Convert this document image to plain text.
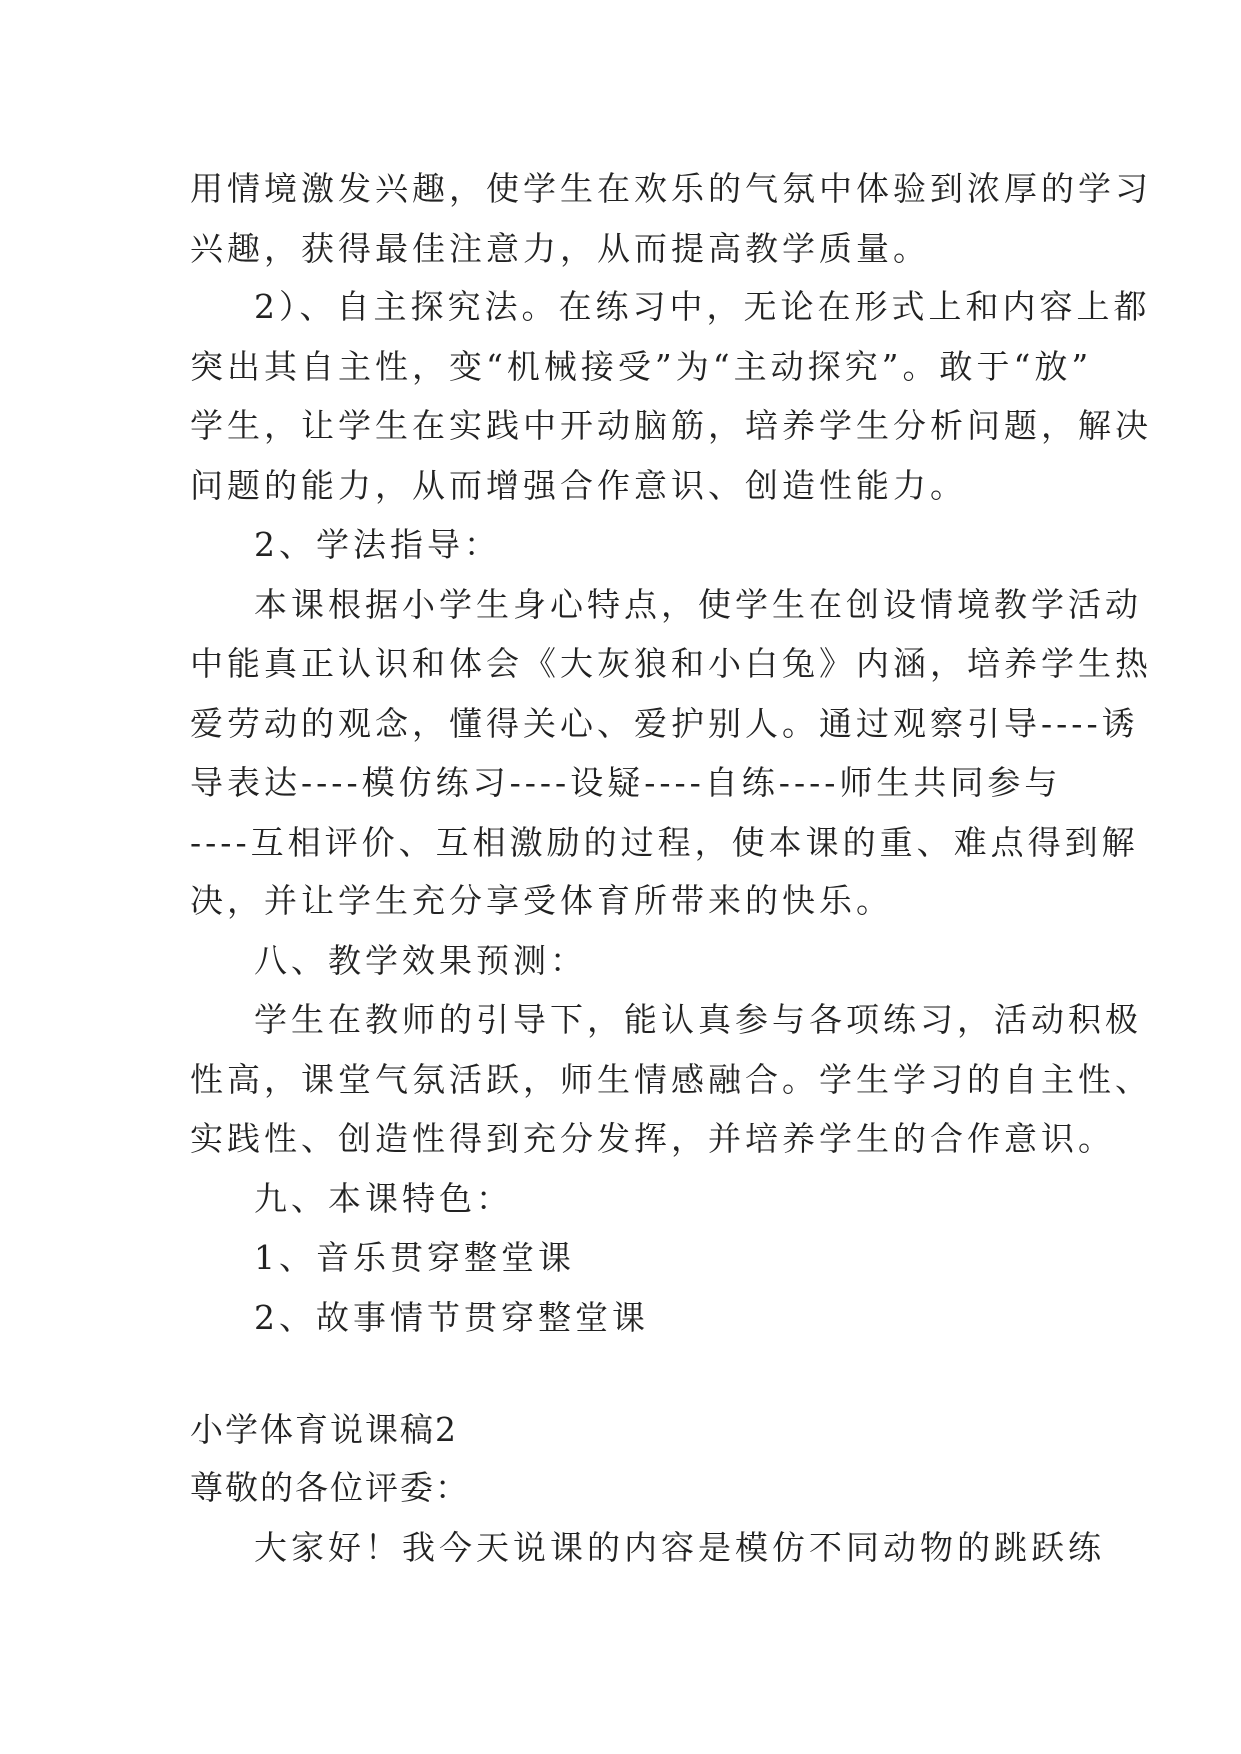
用情境激发兴趣，使学生在欢乐的气氛中体验到浓厚的学习
兴趣，获得最佳注意力，从而提高教学质量。
2）、自主探究法。在练习中，无论在形式上和内容上都
突出其自主性，变“机械接受”为“主动探究”。敢于“放”
学生，让学生在实践中开动脑筋，培养学生分析问题，解决
问题的能力，从而增强合作意识、创造性能力。
2、学法指导：
本课根据小学生身心特点，使学生在创设情境教学活动
中能真正认识和体会《大灰狼和小白兔》内涵，培养学生热
爱劳动的观念，懂得关心、爱护别人。通过观察引导----诱
导表达----模仿练习----设疑----自练----师生共同参与
----互相评价、互相激励的过程，使本课的重、难点得到解
决，并让学生充分享受体育所带来的快乐。
八、教学效果预测：
学生在教师的引导下，能认真参与各项练习，活动积极
性高，课堂气氛活跃，师生情感融合。学生学习的自主性、
实践性、创造性得到充分发挥，并培养学生的合作意识。
九、本课特色：
1、音乐贯穿整堂课
2、故事情节贯穿整堂课
小学体育说课稿2
尊敬的各位评委：
大家好！我今天说课的内容是模仿不同动物的跳跃练
